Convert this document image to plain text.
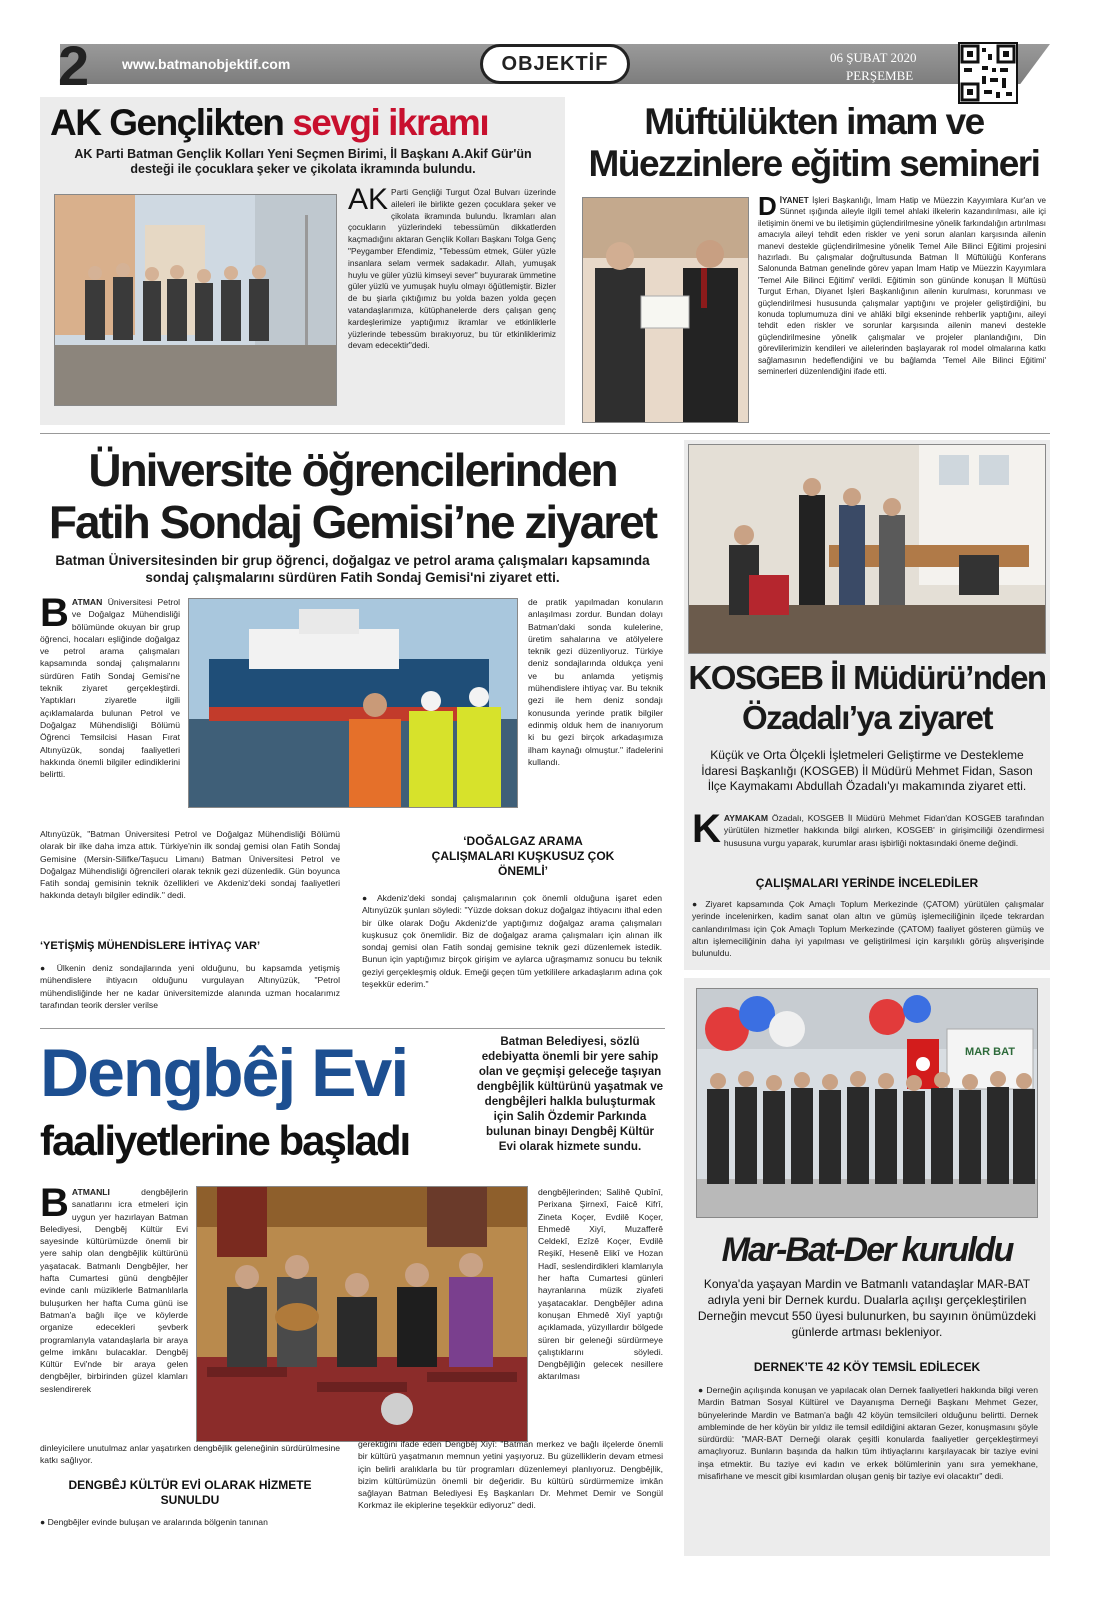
2 www.batmanobjektif.com	OBJEKTİF	06 ŞUBAT 2020
PERŞEMBE
AK Gençlikten sevgi ikramı
AK Parti Batman Gençlik Kolları Yeni Seçmen Birimi, İl Başkanı A.Akif Gür'ün desteği ile çocuklara şeker ve çikolata ikramında bulundu.
AK Parti Gençliği Turgut Özal Bulvarı üzerinde aileleri ile birlikte gezen çocuklara şeker ve çikolata ikramında bulundu. İkramları alan çocukların yüzlerindeki tebessümün dikkatlerden kaçmadığını aktaran Gençlik Kolları Başkanı Tolga Genç "Peygamber Efendimiz, "Tebessüm etmek, Güler yüzle insanlara selam vermek sadakadır. Allah, yumuşak huylu ve güler yüzlü kimseyi sever" buyurarak ümmetine güler yüzlü ve yumuşak huylu olmayı öğütlemiştir. Bizler de bu şiarla çıktığımız bu yolda bazen yolda geçen vatandaşlarımıza, kütüphanelerde ders çalışan genç kardeşlerimize yaptığımız ikramlar ve etkinliklerle yüzlerinde tebessüm bırakıyoruz, bu tür etkinliklerimiz devam edecektir"dedi.
Müftülükten imam ve
Müezzinlere eğitim semineri
DİYANET İşleri Başkanlığı, İmam Hatip ve Müezzin Kayyımlara Kur'an ve Sünnet ışığında aileyle ilgili temel ahlaki ilkelerin kazandırılması, aile içi iletişimin önemi ve bu iletişimin güçlendirilmesine yönelik farkındalığın artırılması amacıyla aileyi tehdit eden riskler ve yeni sorun alanları karşısında ailenin manevi destekle güçlendirilmesine yönelik Temel Aile Bilinci Eğitimi projesini hazırladı. Bu çalışmalar doğrultusunda Batman İl Müftülüğü Konferans Salonunda Batman genelinde görev yapan İmam Hatip ve Müezzin Kayyımlara 'Temel Aile Bilinci Eğitimi' verildi. Eğitimin son gününde konuşan İl Müftüsü Turgut Erhan, Diyanet İşleri Başkanlığının ailenin kurulması, korunması ve güçlendirilmesi hususunda çalışmalar yaptığını ve projeler geliştirdiğini, bu konuda toplumumuza dini ve ahlâki bilgi ekseninde rehberlik yaptığını, aileyi tehdit eden riskler ve sorunlar karşısında ailenin manevi destekle güçlendirilmesine yönelik çalışmalar ve projeler planlandığını, Din görevlilerimizin kendileri ve ailelerinden başlayarak rol model olmalarına katkı sağlamasının hedeflendiğini ve bu bağlamda 'Temel Aile Bilinci Eğitimi' seminerleri düzenlendiğini ifade etti.
Üniversite öğrencilerinden
Fatih Sondaj Gemisi’ne ziyaret
Batman Üniversitesinden bir grup öğrenci, doğalgaz ve petrol arama çalışmaları kapsamında sondaj çalışmalarını sürdüren Fatih Sondaj Gemisi'ni ziyaret etti.
BATMAN Üniversitesi Petrol ve Doğalgaz Mühendisliği bölümünde okuyan bir grup öğrenci, hocaları eşliğinde doğalgaz ve petrol arama çalışmaları kapsamında sondaj çalışmalarını sürdüren Fatih Sondaj Gemisi'ne teknik ziyaret gerçekleştirdi. Yaptıkları ziyaretle ilgili açıklamalarda bulunan Petrol ve Doğalgaz Mühendisliği Bölümü Öğrenci Temsilcisi Hasan Fırat Altınyüzük, sondaj faaliyetleri hakkında önemli bilgiler edindiklerini belirtti.
Altınyüzük, "Batman Üniversitesi Petrol ve Doğalgaz Mühendisliği Bölümü olarak bir ilke daha imza attık. Türkiye'nin ilk sondaj gemisi olan Fatih Sondaj Gemisine (Mersin-Silifke/Taşucu Limanı) Batman Üniversitesi Petrol ve Doğalgaz Mühendisliği öğrencileri olarak teknik gezi düzenledik. Gün boyunca Fatih sondaj gemisinin teknik özellikleri ve Akdeniz'deki sondaj faaliyetleri hakkında detaylı bilgiler edindik." dedi.
‘YETİŞMİŞ MÜHENDİSLERE İHTİYAÇ VAR’
● Ülkenin deniz sondajlarında yeni olduğunu, bu kapsamda yetişmiş mühendislere ihtiyacın olduğunu vurgulayan Altınyüzük, "Petrol mühendisliğinde her ne kadar üniversitemizde alanında uzman hocalarımız tarafından teorik dersler verilse
de pratik yapılmadan konuların anlaşılması zordur. Bundan dolayı Batman'daki sonda kulelerine, üretim sahalarına ve atölyelere teknik gezi düzenliyoruz. Türkiye deniz sondajlarında oldukça yeni ve bu anlamda yetişmiş mühendislere ihtiyaç var. Bu teknik gezi ile hem deniz sondajı konusunda yerinde pratik bilgiler edinmiş olduk hem de inanıyorum ki bu gezi birçok arkadaşımıza ilham kaynağı olmuştur." ifadelerini kullandı.
‘DOĞALGAZ ARAMA ÇALIŞMALARI KUŞKUSUZ ÇOK ÖNEMLİ’
● Akdeniz'deki sondaj çalışmalarının çok önemli olduğuna işaret eden Altınyüzük şunları söyledi: "Yüzde doksan dokuz doğalgaz ihtiyacını ithal eden bir ülke olarak Doğu Akdeniz'de yaptığımız doğalgaz arama çalışmaları kuşkusuz çok önemlidir. Biz de doğalgaz arama çalışmaları için alınan ilk sondaj gemisi olan Fatih sondaj gemisine teknik gezi düzenlemek istedik. Bunun için yaptığımız birçok girişim ve aylarca uğraşmamız sonucu bu teknik geziyi gerçekleşmiş olduk. Emeği geçen tüm yetkililere arkadaşlarım adına çok teşekkür ederim."
KOSGEB İl Müdürü’nden
Özadalı’ya ziyaret
Küçük ve Orta Ölçekli İşletmeleri Geliştirme ve Destekleme İdaresi Başkanlığı (KOSGEB) İl Müdürü Mehmet Fidan, Sason İlçe Kaymakamı Abdullah Özadalı'yı makamında ziyaret etti.
KAYMAKAM Özadalı, KOSGEB İl Müdürü Mehmet Fidan'dan KOSGEB tarafından yürütülen hizmetler hakkında bilgi alırken, KOSGEB' in girişimciliği özendirmesi hususuna vurgu yaparak, kurumlar arası işbirliği noktasındaki öneme değindi.
ÇALIŞMALARI YERİNDE İNCELEDİLER
● Ziyaret kapsamında Çok Amaçlı Toplum Merkezinde (ÇATOM) yürütülen çalışmalar yerinde incelenirken, kadim sanat olan altın ve gümüş işlemeciliğinin ilçede tekrardan canlandırılması için Çok Amaçlı Toplum Merkezinde (ÇATOM) faaliyet gösteren gümüş ve altın işlemeciliğinin daha iyi yapılması ve geliştirilmesi için karşılıklı görüş alışverişinde bulunuldu.
Dengbêj Evi
faaliyetlerine başladı
Batman Belediyesi, sözlü edebiyatta önemli bir yere sahip olan ve geçmişi geleceğe taşıyan dengbêjlik kültürünü yaşatmak ve dengbêjleri halkla buluşturmak için Salih Özdemir Parkında bulunan binayı Dengbêj Kültür Evi olarak hizmete sundu.
BATMANLI	dengbêjlerin sanatlarını icra etmeleri için uygun yer hazırlayan Batman Belediyesi, Dengbêj Kültür Evi sayesinde kültürümüzde önemli bir yere sahip olan dengbêjlik kültürünü yaşatacak. Batmanlı Dengbêjler, her hafta Cumartesi günü dengbêjler evinde canlı müziklerle Batmanlılarla buluşurken her hafta Cuma günü ise Batman'a bağlı ilçe ve köylerde organize edecekleri şevberk programlarıyla vatandaşlarla bir araya gelme imkânı bulacaklar. Dengbêj Kültür Evi'nde bir araya gelen dengbêjler, birbirinden güzel klamları seslendirerek
dinleyicilere unutulmaz anlar yaşatırken dengbêjlik geleneğinin sürdürülmesine katkı sağlıyor.
DENGBÊJ KÜLTÜR EVİ OLARAK HİZMETE SUNULDU
● Dengbêjler evinde buluşan ve aralarında bölgenin tanınan
dengbêjlerinden; Salihê Qubînî, Perixana Şirnexî, Faicê Kifrî, Zineta Koçer, Evdilê Koçer, Ehmedê Xiyî, Muzafferê Celdekî, Ezîzê Koçer, Evdilê Reşikî, Hesenê Elikî ve Hozan Hadî, seslendirdikleri klamlarıyla her hafta Cumartesi günleri hayranlarına müzik ziyafeti yaşatacaklar. Dengbêjler adına konuşan Ehmedê Xiyî yaptığı açıklamada, yüzyıllardır bölgede süren bir geleneği sürdürmeye çalıştıklarını söyledi. Dengbêjliğin gelecek nesillere aktarılması
gerektiğini ifade eden Dengbêj Xiyî: "Batman merkez ve bağlı ilçelerde önemli bir kültürü yaşatmanın memnun yetini yaşıyoruz. Bu güzelliklerin devam etmesi için belirli aralıklarla bu tür programları düzenlemeyi planlıyoruz. Dengbêjlik, bizim kültürümüzün önemli bir değeridir. Bu kültürü sürdürmemize imkân sağlayan Batman Belediyesi Eş Başkanları Dr. Mehmet Demir ve Songül Korkmaz ile ekiplerine teşekkür ediyoruz" dedi.
MAR BAT
Mar-Bat-Der kuruldu
Konya'da yaşayan Mardin ve Batmanlı vatandaşlar MAR-BAT adıyla yeni bir Dernek kurdu. Dualarla açılışı gerçekleştirilen Derneğin mevcut 550 üyesi bulunurken, bu sayının önümüzdeki günlerde artması bekleniyor.
DERNEK’TE 42 KÖY TEMSİL EDİLECEK
● Derneğin açılışında konuşan ve yapılacak olan Dernek faaliyetleri hakkında bilgi veren Mardin Batman Sosyal Kültürel ve Dayanışma Derneği Başkanı Mehmet Gezer, bünyelerinde Mardin ve Batman'a bağlı 42 köyün temsilcileri olduğunu belirtti. Dernek ambleminde de her köyün bir yıldız ile temsil edildiğini aktaran Gezer, konuşmasını şöyle sürdürdü: "MAR-BAT Derneği olarak çeşitli konularda faaliyetler gerçekleştirmeyi amaçlıyoruz. Bunların başında da halkın tüm ihtiyaçlarını karşılayacak bir taziye evini inşa etmektir. Bu taziye evi kadın ve erkek bölümlerinin yanı sıra yemekhane, misafirhane ve mescit gibi kısımlardan oluşan geniş bir taziye evi olacaktır" dedi.
